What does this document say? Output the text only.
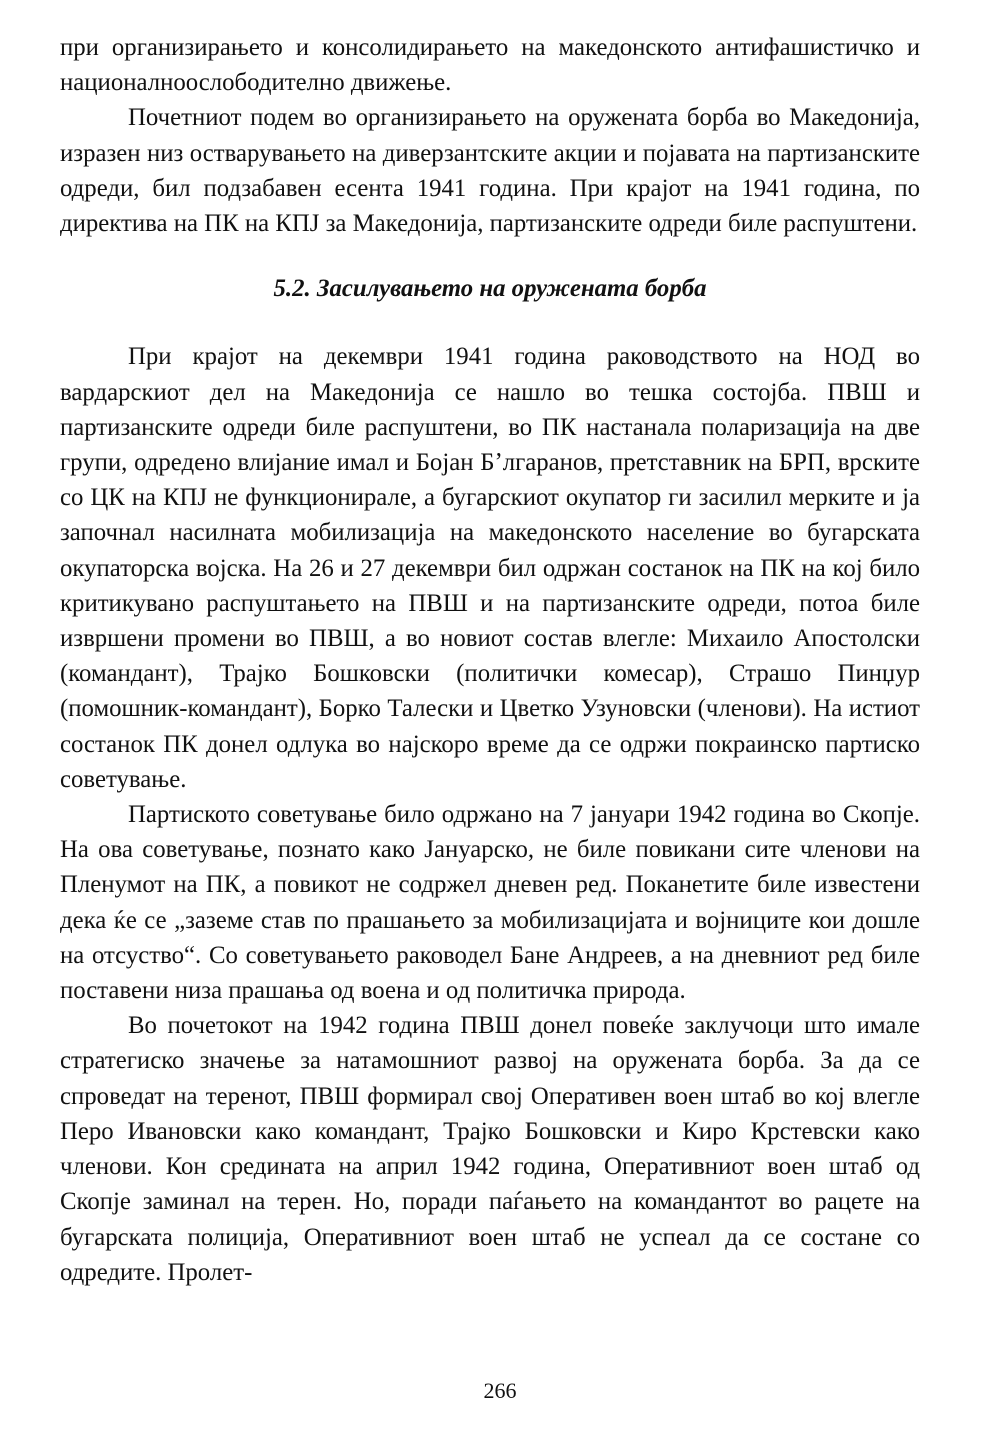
при организирањето и консолидирањето на македонското антифашистичко и националноослободително движење.

Почетниот подем во организирањето на оружената борба во Македонија, изразен низ остварувањето на диверзантските акции и појавата на партизанските одреди, бил подзабавен есента 1941 година. При крајот на 1941 година, по директива на ПК на КПЈ за Македонија, партизанските одреди биле распуштени.

5.2. Засилувањето на оружената борба

При крајот на декември 1941 година раководството на НОД во вардарскиот дел на Македонија се нашло во тешка состојба. ПВШ и партизанските одреди биле распуштени, во ПК настанала поларизација на две групи, одредено влијание имал и Бојан Бʼлгаранов, претставник на БРП, врските со ЦК на КПЈ не функционирале, а бугарскиот окупатор ги засилил мерките и ја започнал насилната мобилизација на македонското население во бугарската окупаторска војска. На 26 и 27 декември бил одржан состанок на ПК на кој било критикувано распуштањето на ПВШ и на партизанските одреди, потоа биле извршени промени во ПВШ, а во новиот состав влегле: Михаило Апостолски (командант), Трајко Бошковски (политички комесар), Страшо Пинџур (помошник-командант), Борко Талески и Цветко Узуновски (членови). На истиот состанок ПК донел одлука во најскоро време да се одржи покраинско партиско советување.

Партиското советување било одржано на 7 јануари 1942 година во Скопје. На ова советување, познато како Јануарско, не биле повикани сите членови на Пленумот на ПК, а повикот не содржел дневен ред. Поканетите биле известени дека ќе се „заземе став по прашањето за мобилизацијата и војниците кои дошле на отсуство“. Со советувањето раководел Бане Андреев, а на дневниот ред биле поставени низа прашања од воена и од политичка природа.

Во почетокот на 1942 година ПВШ донел повеќе заклучоци што имале стратегиско значење за натамошниот развој на оружената борба. За да се спроведат на теренот, ПВШ формирал свој Оперативен воен штаб во кој влегле Перо Ивановски како командант, Трајко Бошковски и Киро Крстевски како членови. Кон средината на април 1942 година, Оперативниот воен штаб од Скопје заминал на терен. Но, поради паѓањето на командантот во рацете на бугарската полиција, Оперативниот воен штаб не успеал да се состане со одредите. Пролет-

266
